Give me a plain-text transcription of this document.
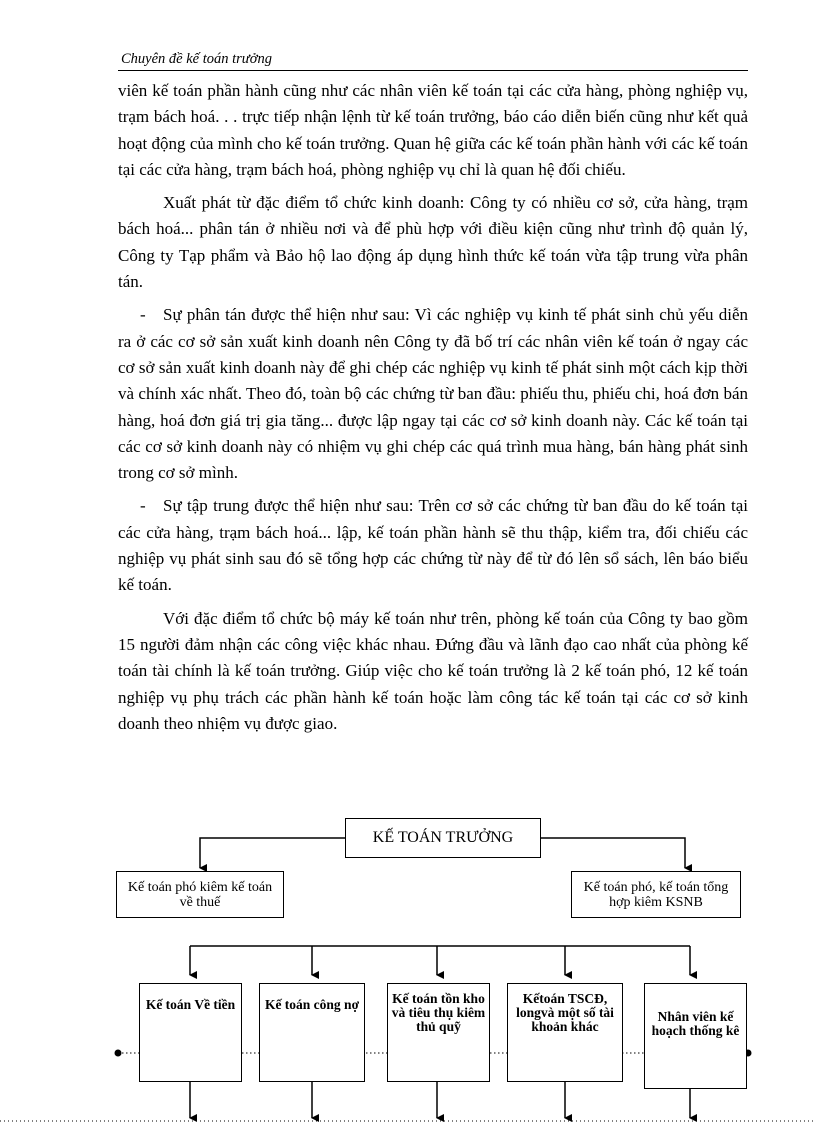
Chuyên đề kế toán trưởng

viên kế toán phần hành cũng như các nhân viên kế toán tại các cửa hàng, phòng nghiệp vụ, trạm bách hoá. . . trực tiếp nhận lệnh từ kế toán trưởng, báo cáo diễn biến cũng như kết quả hoạt động của mình cho kế toán trưởng. Quan hệ giữa các kế toán phần hành với các kế toán tại các cửa hàng, trạm bách hoá, phòng nghiệp vụ chỉ là quan hệ đối chiếu.

Xuất phát từ đặc điểm tổ chức kinh doanh: Công ty có nhiều cơ sở, cửa hàng, trạm bách hoá... phân tán ở nhiều nơi và để phù hợp với điều kiện cũng như trình độ quản lý, Công ty Tạp phẩm và Bảo hộ lao động áp dụng hình thức kế toán vừa tập trung vừa phân tán.

- Sự phân tán được thể hiện như sau: Vì các nghiệp vụ kinh tế phát sinh chủ yếu diễn ra ở các cơ sở sản xuất kinh doanh nên Công ty đã bố trí các nhân viên kế toán ở ngay các cơ sở sản xuất kinh doanh này để ghi chép các nghiệp vụ kinh tế phát sinh một cách kịp thời và chính xác nhất. Theo đó, toàn bộ các chứng từ ban đầu: phiếu thu, phiếu chi, hoá đơn bán hàng, hoá đơn giá trị gia tăng... được lập ngay tại các cơ sở kinh doanh này. Các kế toán tại các cơ sở kinh doanh này có nhiệm vụ ghi chép các quá trình mua hàng, bán hàng phát sinh trong cơ sở mình.

- Sự tập trung được thể hiện như sau: Trên cơ sở các chứng từ ban đầu do kế toán tại các cửa hàng, trạm bách hoá... lập, kế toán phần hành sẽ thu thập, kiểm tra, đối chiếu các nghiệp vụ phát sinh sau đó sẽ tổng hợp các chứng từ này để từ đó lên sổ sách, lên báo biểu kế toán.

Với đặc điểm tổ chức bộ máy kế toán như trên, phòng kế toán của Công ty bao gồm 15 người đảm nhận các công việc khác nhau. Đứng đầu và lãnh đạo cao nhất của phòng kế toán tài chính là kế toán trưởng. Giúp việc cho kế toán trưởng là 2 kế toán phó, 12 kế toán nghiệp vụ phụ trách các phần hành kế toán hoặc làm công tác kế toán tại các cơ sở kinh doanh theo nhiệm vụ được giao.

KẾ TOÁN TRƯỞNG
Kế toán phó kiêm kế toán về thuế
Kế toán phó, kế toán tổng hợp kiêm KSNB
Kế toán Về tiền Kế toán công nợ	Kế toán tồn kho và tiêu thụ kiêm thủ quỹ
Kếtoán TSCĐ, longvà một số tài khoản khác
Nhân viên kế hoạch thống kê
